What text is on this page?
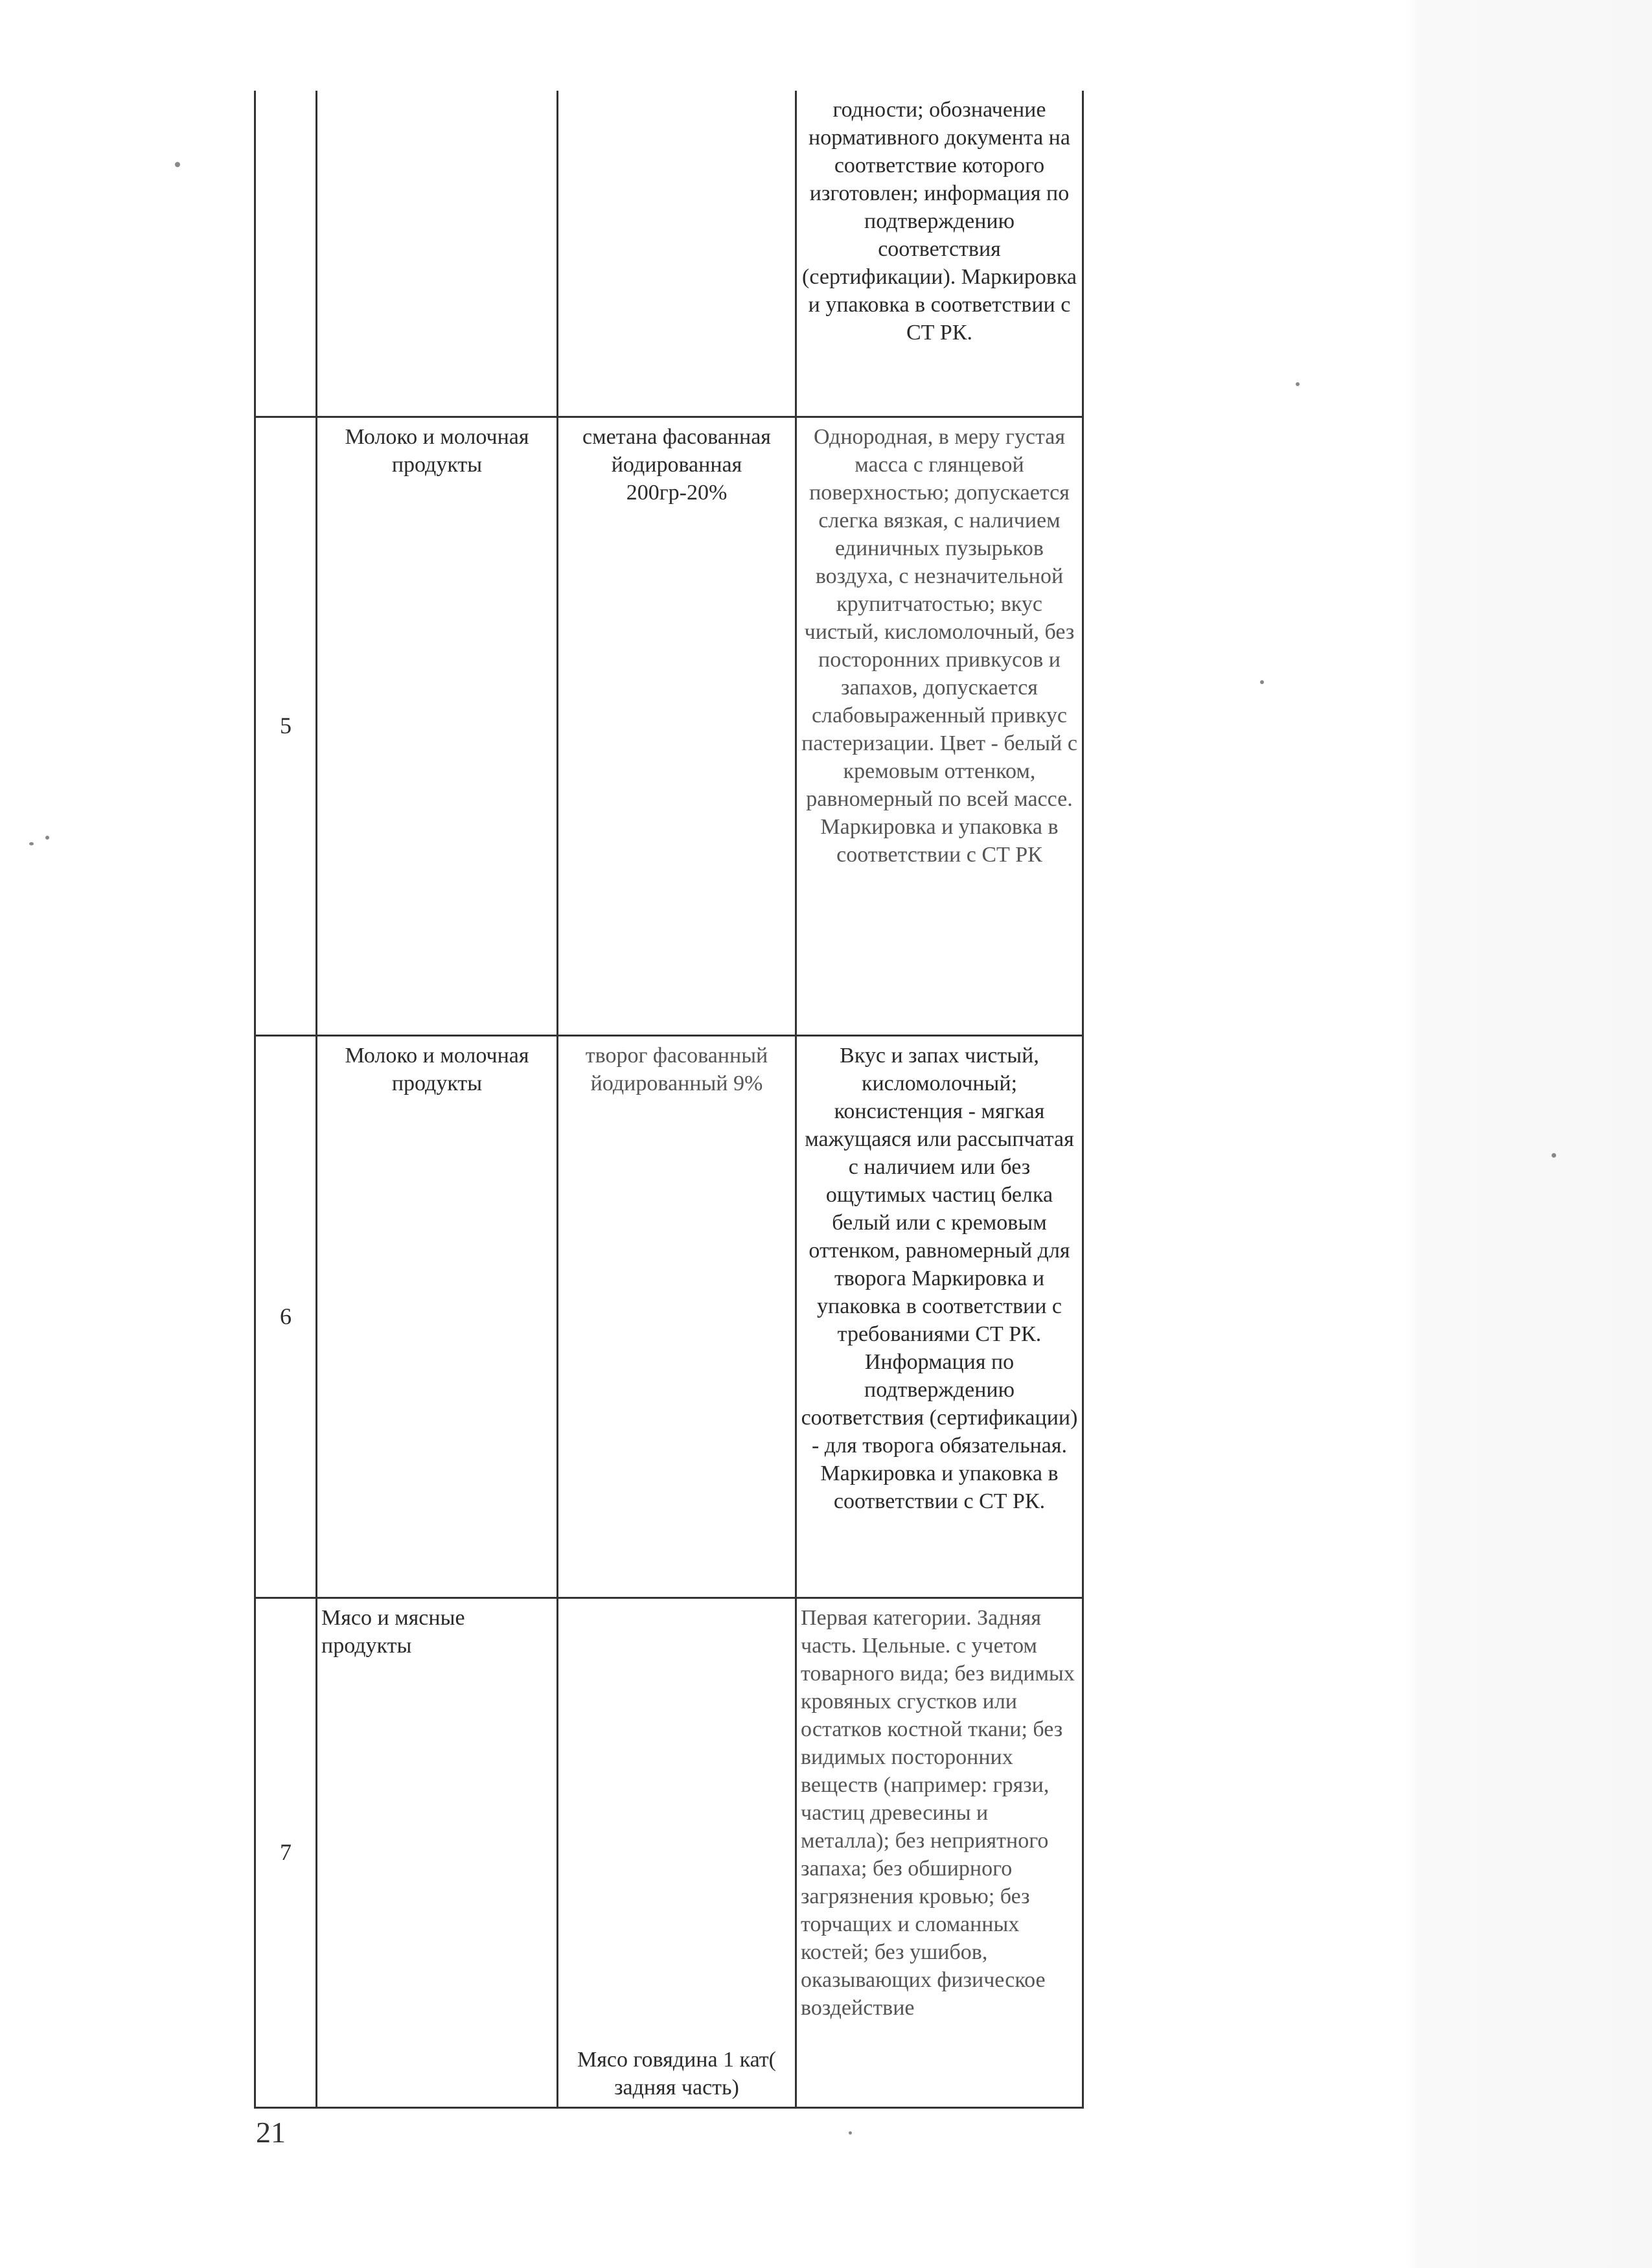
			годности; обозначение нормативного документа на соответствие которого изготовлен; информация по подтверждению соответствия (сертификации). Маркировка и упаковка в соответствии с СТ РК.
5	Молоко и молочная продукты	сметана фасованная йодированная 200гр-20%	Однородная, в меру густая масса с глянцевой поверхностью; допускается слегка вязкая, с наличием единичных пузырьков воздуха, с незначительной крупитчатостью; вкус чистый, кисломолочный, без посторонних привкусов и запахов, допускается слабовыраженный привкус пастеризации. Цвет - белый с кремовым оттенком, равномерный по всей массе. Маркировка и упаковка в соответствии с СТ РК
6	Молоко и молочная продукты	творог фасованный йодированный 9%	Вкус и запах чистый, кисломолочный; консистенция - мягкая мажущаяся или рассыпчатая с наличием или без ощутимых частиц белка белый или с кремовым оттенком, равномерный для творога Маркировка и упаковка в соответствии с требованиями СТ РК. Информация по подтверждению соответствия (сертификации) - для творога обязательная. Маркировка и упаковка в соответствии с СТ РК.
7	Мясо и мясные продукты	Мясо говядина 1 кат( задняя часть)	Первая категории. Задняя часть. Цельные. с учетом товарного вида; без видимых кровяных сгустков или остатков костной ткани; без видимых посторонних веществ (например: грязи, частиц древесины и металла); без неприятного запаха; без обширного загрязнения кровью; без торчащих и сломанных костей; без ушибов, оказывающих физическое воздействие
21
